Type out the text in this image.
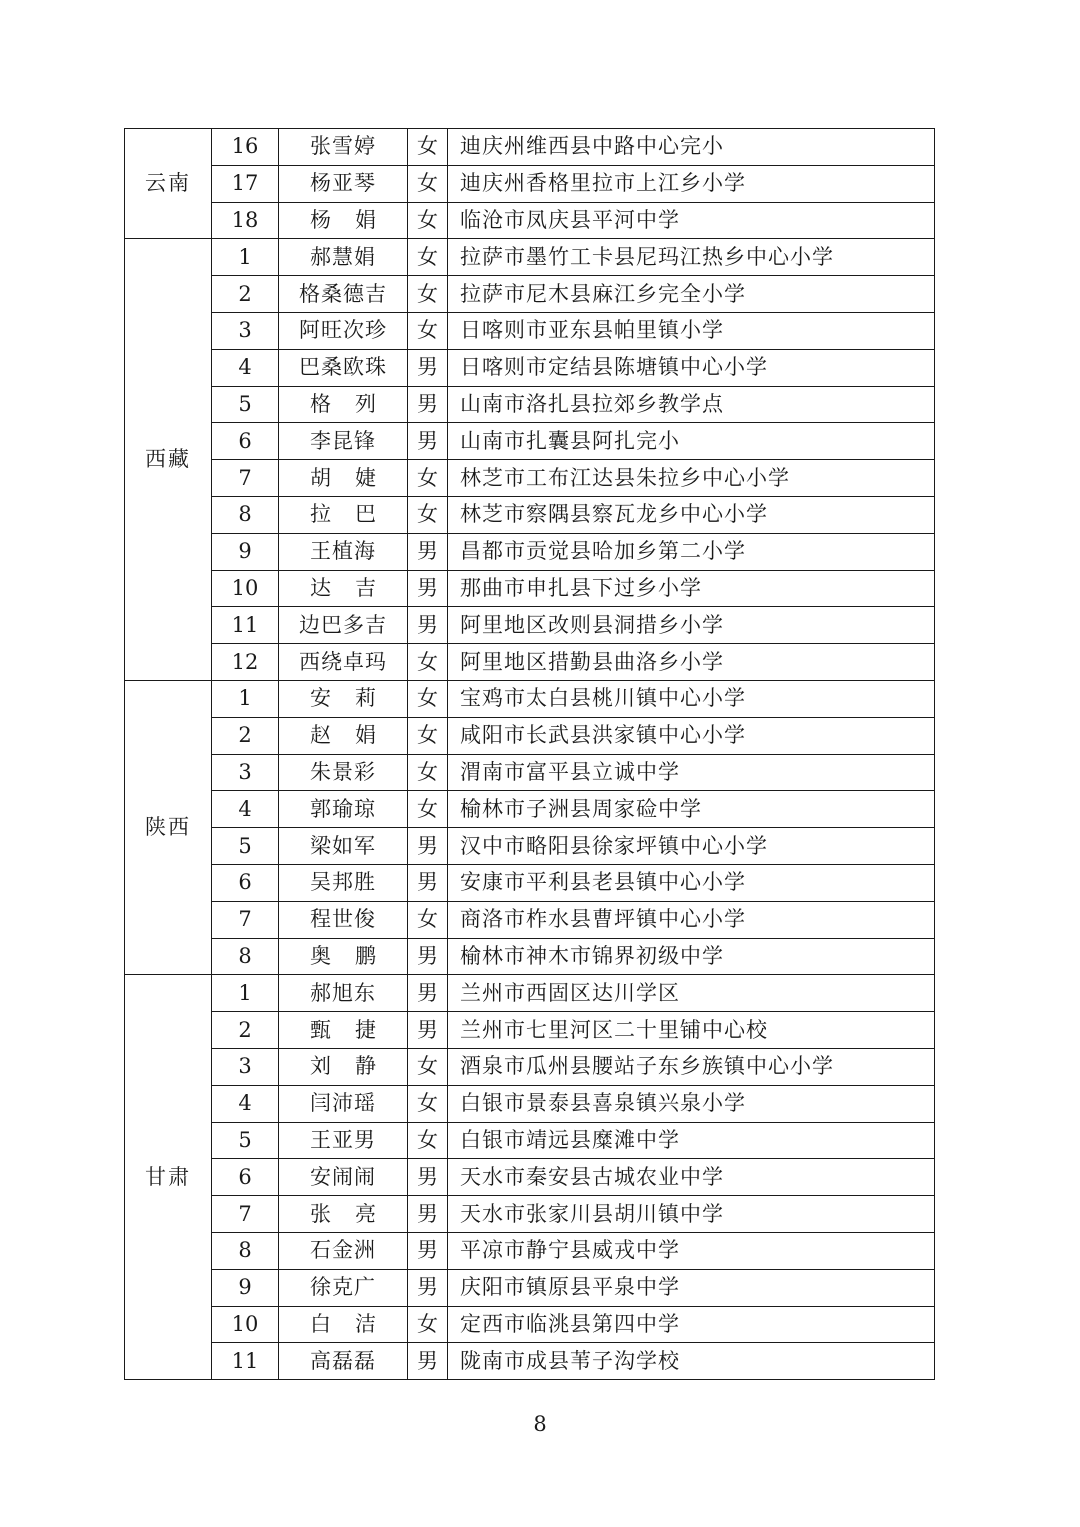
云南	16	张雪婷	女	迪庆州维西县中路中心完小
	17	杨亚琴	女	迪庆州香格里拉市上江乡小学
	18	杨娟	女	临沧市凤庆县平河中学
西藏	1	郝慧娟	女	拉萨市墨竹工卡县尼玛江热乡中心小学
	2	格桑德吉	女	拉萨市尼木县麻江乡完全小学
	3	阿旺次珍	女	日喀则市亚东县帕里镇小学
	4	巴桑欧珠	男	日喀则市定结县陈塘镇中心小学
	5	格列	男	山南市洛扎县拉郊乡教学点
	6	李昆锋	男	山南市扎囊县阿扎完小
	7	胡婕	女	林芝市工布江达县朱拉乡中心小学
	8	拉巴	女	林芝市察隅县察瓦龙乡中心小学
	9	王植海	男	昌都市贡觉县哈加乡第二小学
	10	达吉	男	那曲市申扎县下过乡小学
	11	边巴多吉	男	阿里地区改则县洞措乡小学
	12	西绕卓玛	女	阿里地区措勤县曲洛乡小学
陕西	1	安莉	女	宝鸡市太白县桃川镇中心小学
	2	赵娟	女	咸阳市长武县洪家镇中心小学
	3	朱景彩	女	渭南市富平县立诚中学
	4	郭瑜琼	女	榆林市子洲县周家硷中学
	5	梁如军	男	汉中市略阳县徐家坪镇中心小学
	6	吴邦胜	男	安康市平利县老县镇中心小学
	7	程世俊	女	商洛市柞水县曹坪镇中心小学
	8	奥鹏	男	榆林市神木市锦界初级中学
甘肃	1	郝旭东	男	兰州市西固区达川学区
	2	甄捷	男	兰州市七里河区二十里铺中心校
	3	刘静	女	酒泉市瓜州县腰站子东乡族镇中心小学
	4	闫沛瑶	女	白银市景泰县喜泉镇兴泉小学
	5	王亚男	女	白银市靖远县糜滩中学
	6	安闹闹	男	天水市秦安县古城农业中学
	7	张亮	男	天水市张家川县胡川镇中学
	8	石金洲	男	平凉市静宁县威戎中学
	9	徐克广	男	庆阳市镇原县平泉中学
	10	白洁	女	定西市临洮县第四中学
	11	高磊磊	男	陇南市成县苇子沟学校
8
